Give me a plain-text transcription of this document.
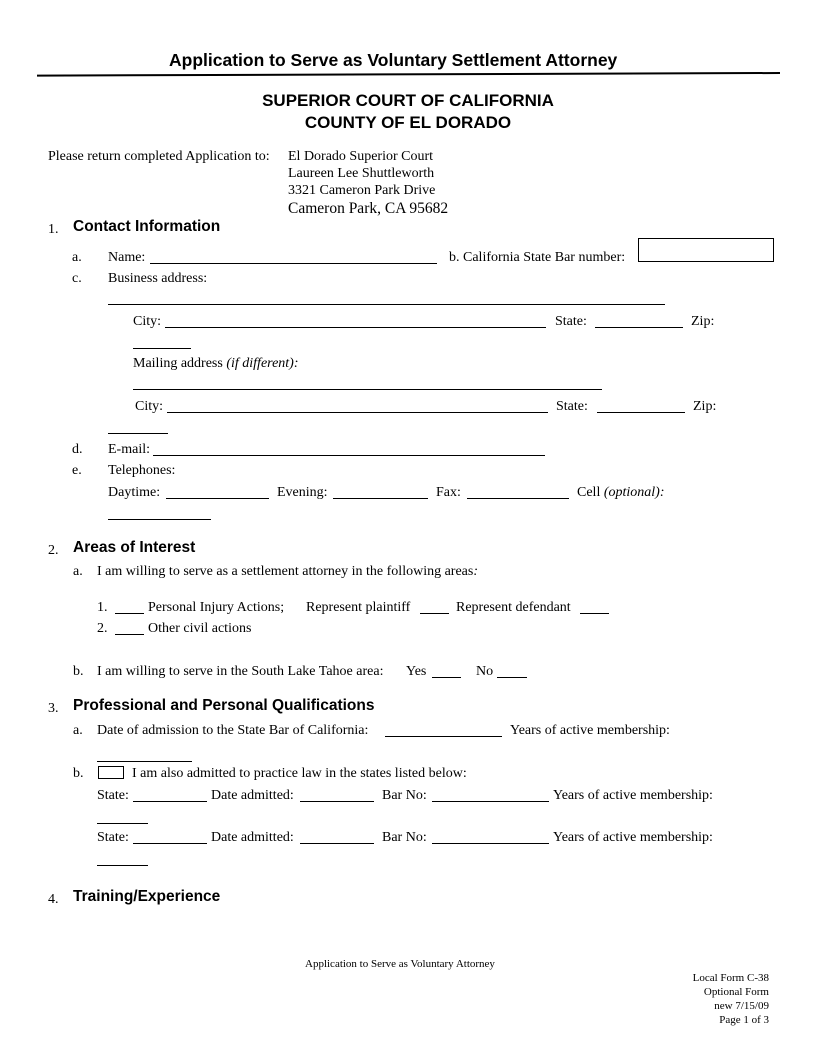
Application to Serve as Voluntary Settlement Attorney
SUPERIOR COURT OF CALIFORNIA
COUNTY OF EL DORADO
Please return completed Application to: El Dorado Superior Court
Laureen Lee Shuttleworth
3321 Cameron Park Drive
Cameron Park, CA 95682
1. Contact Information
a. Name:	b. California State Bar number:
c. Business address:
City:	State:	Zip:
Mailing address (if different):
City:	State:	Zip:
d. E-mail:
e. Telephones:
Daytime:	Evening:	Fax:	Cell (optional):
2. Areas of Interest
a. I am willing to serve as a settlement attorney in the following areas:
1.	Personal Injury Actions; Represent plaintiff	Represent defendant
2.	Other civil actions
b. I am willing to serve in the South Lake Tahoe area: Yes	No
3. Professional and Personal Qualifications
a. Date of admission to the State Bar of California:	Years of active membership:
b.	I am also admitted to practice law in the states listed below:
State:	Date admitted:	Bar No:	Years of active membership:
State:	Date admitted:	Bar No:	Years of active membership:
4. Training/Experience
Application to Serve as Voluntary Attorney
Local Form C-38
Optional Form
new 7/15/09
Page 1 of 3
